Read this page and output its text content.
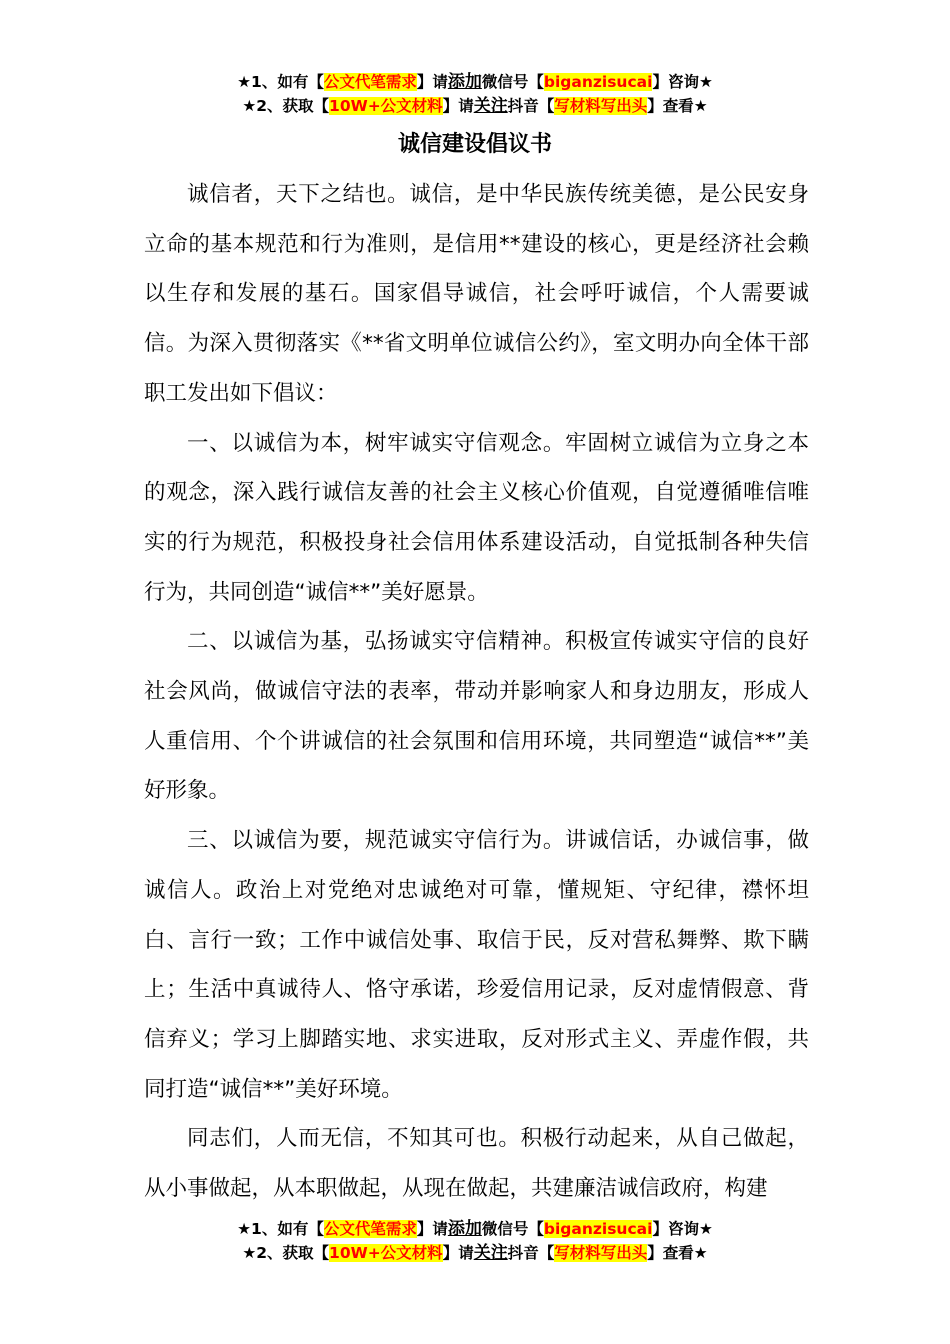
★1、如有【公文代笔需求】请添加微信号【biganzisucai】咨询★
★2、获取【10W+公文材料】请关注抖音【写材料写出头】查看★
诚信建设倡议书

诚信者，天下之结也。诚信，是中华民族传统美德，是公民安身立命的基本规范和行为准则，是信用**建设的核心，更是经济社会赖以生存和发展的基石。国家倡导诚信，社会呼吁诚信，个人需要诚信。为深入贯彻落实《**省文明单位诚信公约》，室文明办向全体干部职工发出如下倡议：

一、以诚信为本，树牢诚实守信观念。牢固树立诚信为立身之本的观念，深入践行诚信友善的社会主义核心价值观，自觉遵循唯信唯实的行为规范，积极投身社会信用体系建设活动，自觉抵制各种失信行为，共同创造“诚信**”美好愿景。

二、以诚信为基，弘扬诚实守信精神。积极宣传诚实守信的良好社会风尚，做诚信守法的表率，带动并影响家人和身边朋友，形成人人重信用、个个讲诚信的社会氛围和信用环境，共同塑造“诚信**”美好形象。

三、以诚信为要，规范诚实守信行为。讲诚信话，办诚信事，做诚信人。政治上对党绝对忠诚绝对可靠，懂规矩、守纪律，襟怀坦白、言行一致；工作中诚信处事、取信于民，反对营私舞弊、欺下瞒上；生活中真诚待人、恪守承诺，珍爱信用记录，反对虚情假意、背信弃义；学习上脚踏实地、求实进取，反对形式主义、弄虚作假，共同打造“诚信**”美好环境。

同志们，人而无信，不知其可也。积极行动起来，从自己做起，从小事做起，从本职做起，从现在做起，共建廉洁诚信政府，构建

★1、如有【公文代笔需求】请添加微信号【biganzisucai】咨询★
★2、获取【10W+公文材料】请关注抖音【写材料写出头】查看★
